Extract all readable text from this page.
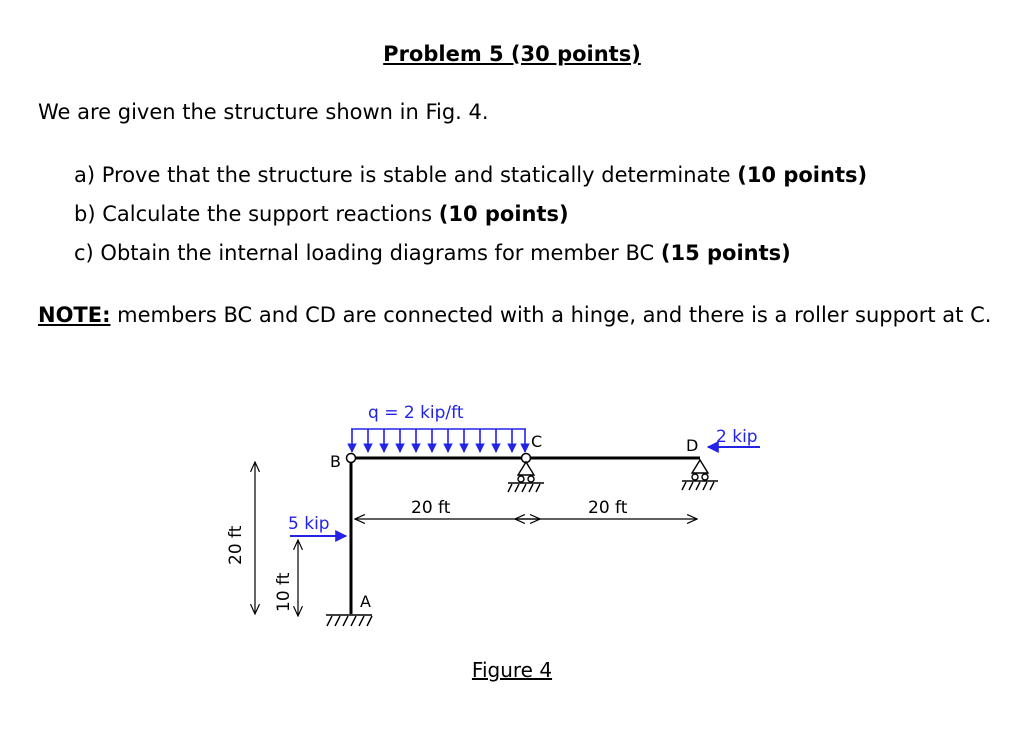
Problem 5 (30 points)
We are given the structure shown in Fig. 4.
a) Prove that the structure is stable and statically determinate (10 points)
b) Calculate the support reactions (10 points)
c) Obtain the internal loading diagrams for member BC (15 points)
NOTE: members BC and CD are connected with a hinge, and there is a roller support at C.
A
B
q = 2 kip/ft
C	D 2 kip
5 kip
20 ft	20 ft
20 ft
10 ft
Figure 4
